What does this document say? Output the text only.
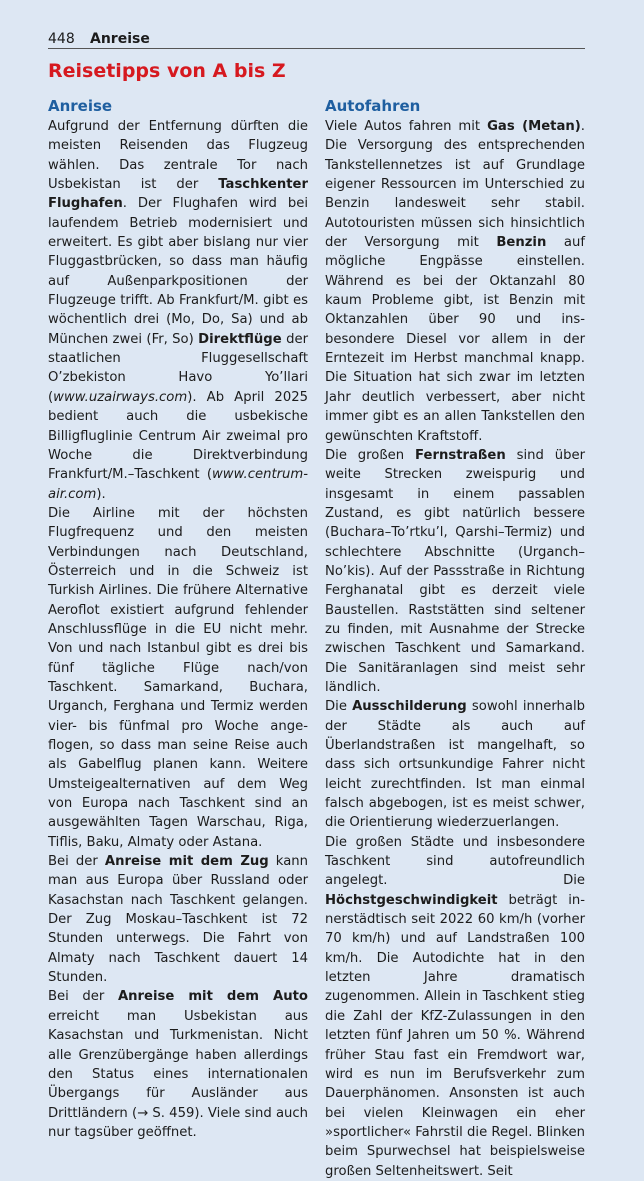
448 Anreise
Reisetipps von A bis Z
Anreise

Aufgrund der Entfernung dürften die meisten Reisenden das Flugzeug wählen. Das zentrale Tor nach Usbekistan ist der Taschkenter Flughafen. Der Flughafen wird bei laufendem Betrieb modernisiert und erweitert. Es gibt aber bislang nur vier Fluggastbrücken, so dass man häufig auf Außenparkpositionen der Flugzeuge trifft. Ab Frankfurt/M. gibt es wöchentlich drei (Mo, Do, Sa) und ab München zwei (Fr, So) Direktflüge der staatlichen Fluggesellschaft O’zbekiston Havo Yo’llari (www.uzairways.com). Ab April 2025 bedient auch die usbekische Billigfluglinie Centrum Air zweimal pro Woche die Direktverbindung Frankfurt/M.–Taschkent (www.centrum-air.com).

Die Airline mit der höchsten Flugfrequenz und den meisten Verbindungen nach Deutschland, Österreich und in die Schweiz ist Turkish Airlines. Die frühere Alternative Aeroflot existiert aufgrund fehlender Anschlussflüge in die EU nicht mehr. Von und nach Istanbul gibt es drei bis fünf tägliche Flüge nach/von Taschkent. Samarkand, Buchara, Urganch, Ferghana und Termiz werden vier- bis fünfmal pro Woche angeflogen, so dass man seine Reise auch als Gabelflug planen kann. Weitere Umsteigealternativen auf dem Weg von Europa nach Taschkent sind an ausgewählten Tagen Warschau, Riga, Tiflis, Baku, Almaty oder Astana.

Bei der Anreise mit dem Zug kann man aus Europa über Russland oder Kasachstan nach Taschkent gelangen. Der Zug Moskau–Taschkent ist 72 Stunden unterwegs. Die Fahrt von Almaty nach Taschkent dauert 14 Stunden.

Bei der Anreise mit dem Auto erreicht man Usbekistan aus Kasachstan und Turkmenistan. Nicht alle Grenzübergänge haben allerdings den Status eines internationalen Übergangs für Ausländer aus Drittländern (→ S. 459). Viele sind auch nur tagsüber geöffnet.

Autofahren

Viele Autos fahren mit Gas (Metan). Die Versorgung des entsprechenden Tankstellennetzes ist auf Grundlage eigener Ressourcen im Unterschied zu Benzin landesweit sehr stabil. Autotouristen müssen sich hinsichtlich der Versorgung mit Benzin auf mögliche Engpässe einstellen. Während es bei der Oktanzahl 80 kaum Probleme gibt, ist Benzin mit Oktanzahlen über 90 und insbesondere Diesel vor allem in der Erntezeit im Herbst manchmal knapp. Die Situation hat sich zwar im letzten Jahr deutlich verbessert, aber nicht immer gibt es an allen Tankstellen den gewünschten Kraftstoff.

Die großen Fernstraßen sind über weite Strecken zweispurig und insgesamt in einem passablen Zustand, es gibt natürlich bessere (Buchara–To’rtku’l, Qarshi–Termiz) und schlechtere Abschnitte (Urganch–No’kis). Auf der Passstraße in Richtung Ferghanatal gibt es derzeit viele Baustellen. Raststätten sind seltener zu finden, mit Ausnahme der Strecke zwischen Taschkent und Samarkand. Die Sanitäranlagen sind meist sehr ländlich.

Die Ausschilderung sowohl innerhalb der Städte als auch auf Überlandstraßen ist mangelhaft, so dass sich ortsunkundige Fahrer nicht leicht zurechtfinden. Ist man einmal falsch abgebogen, ist es meist schwer, die Orientierung wiederzuerlangen.

Die großen Städte und insbesondere Taschkent sind autofreundlich angelegt. Die Höchstgeschwindigkeit beträgt innerstädtisch seit 2022 60 km/h (vorher 70 km/h) und auf Landstraßen 100 km/h. Die Autodichte hat in den letzten Jahre dramatisch zugenommen. Allein in Taschkent stieg die Zahl der KfZ-Zulassungen in den letzten fünf Jahren um 50 %. Während früher Stau fast ein Fremdwort war, wird es nun im Berufsverkehr zum Dauerphänomen. Ansonsten ist auch bei vielen Kleinwagen ein eher »sportlicher« Fahrstil die Regel. Blinken beim Spurwechsel hat beispielsweise großen Seltenheitswert. Seit
